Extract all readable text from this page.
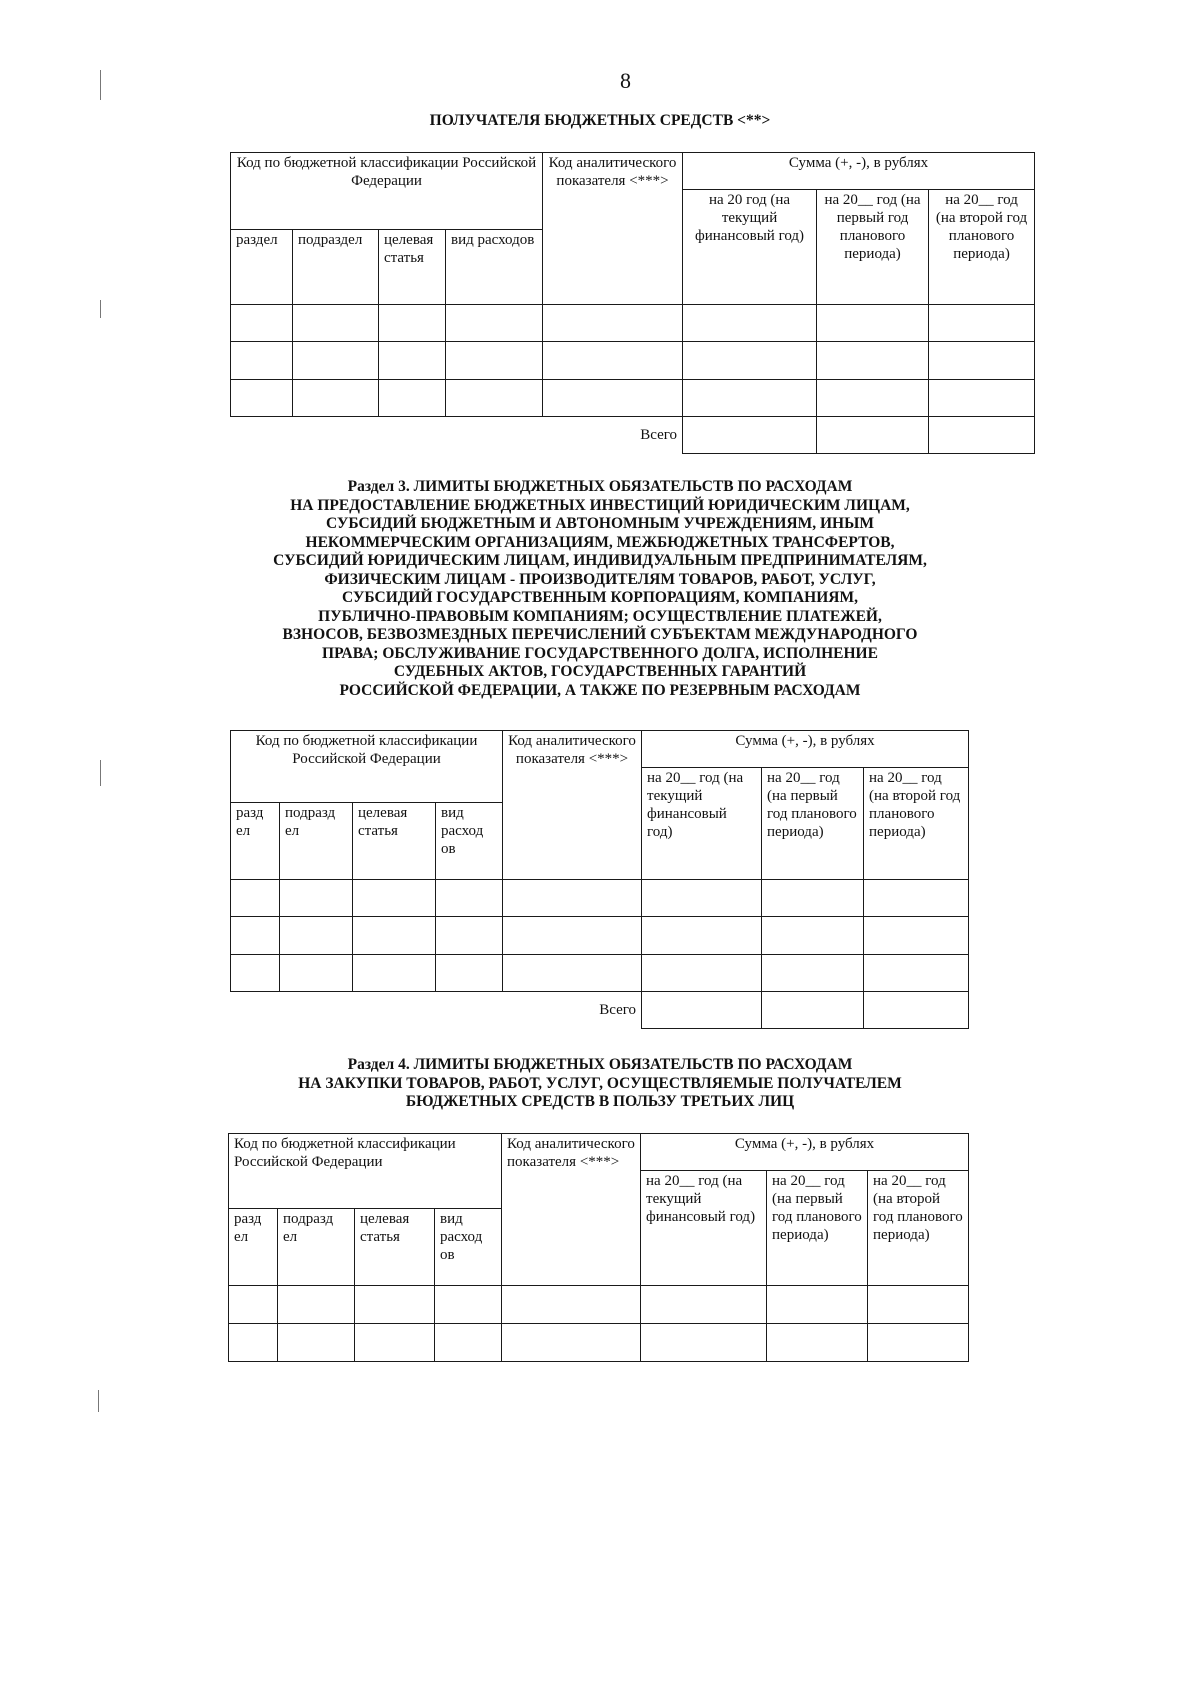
8
ПОЛУЧАТЕЛЯ БЮДЖЕТНЫХ СРЕДСТВ <**>
Код по бюджетной классификации Российской Федерации				Код аналитического показателя <***>	Сумма (+, -), в рублях		
					на 20 год (на текущий финансовый год)	на 20__ год (на первый год планового периода)	на 20__ год (на второй год планового периода)
раздел	подраздел	целевая статья	вид расходов				

Всего							
Раздел 3. ЛИМИТЫ БЮДЖЕТНЫХ ОБЯЗАТЕЛЬСТВ ПО РАСХОДАМ
НА ПРЕДОСТАВЛЕНИЕ БЮДЖЕТНЫХ ИНВЕСТИЦИЙ ЮРИДИЧЕСКИМ ЛИЦАМ,
СУБСИДИЙ БЮДЖЕТНЫМ И АВТОНОМНЫМ УЧРЕЖДЕНИЯМ, ИНЫМ
НЕКОММЕРЧЕСКИМ ОРГАНИЗАЦИЯМ, МЕЖБЮДЖЕТНЫХ ТРАНСФЕРТОВ,
СУБСИДИЙ ЮРИДИЧЕСКИМ ЛИЦАМ, ИНДИВИДУАЛЬНЫМ ПРЕДПРИНИМАТЕЛЯМ,
ФИЗИЧЕСКИМ ЛИЦАМ - ПРОИЗВОДИТЕЛЯМ ТОВАРОВ, РАБОТ, УСЛУГ,
СУБСИДИЙ ГОСУДАРСТВЕННЫМ КОРПОРАЦИЯМ, КОМПАНИЯМ,
ПУБЛИЧНО-ПРАВОВЫМ КОМПАНИЯМ; ОСУЩЕСТВЛЕНИЕ ПЛАТЕЖЕЙ,
ВЗНОСОВ, БЕЗВОЗМЕЗДНЫХ ПЕРЕЧИСЛЕНИЙ СУБЪЕКТАМ МЕЖДУНАРОДНОГО
ПРАВА; ОБСЛУЖИВАНИЕ ГОСУДАРСТВЕННОГО ДОЛГА, ИСПОЛНЕНИЕ
СУДЕБНЫХ АКТОВ, ГОСУДАРСТВЕННЫХ ГАРАНТИЙ
РОССИЙСКОЙ ФЕДЕРАЦИИ, А ТАКЖЕ ПО РЕЗЕРВНЫМ РАСХОДАМ
Код по бюджетной классификации Российской Федерации				Код аналитического показателя <***>	Сумма (+, -), в рублях		
					на 20__ год (на текущий финансовый год)	на 20__ год (на первый год планового периода)	на 20__ год (на второй год планового периода)
разд ел	подразд ел	целевая статья	вид расход ов				

Всего							
Раздел 4. ЛИМИТЫ БЮДЖЕТНЫХ ОБЯЗАТЕЛЬСТВ ПО РАСХОДАМ
НА ЗАКУПКИ ТОВАРОВ, РАБОТ, УСЛУГ, ОСУЩЕСТВЛЯЕМЫЕ ПОЛУЧАТЕЛЕМ
БЮДЖЕТНЫХ СРЕДСТВ В ПОЛЬЗУ ТРЕТЬИХ ЛИЦ
Код по бюджетной классификации Российской Федерации				Код аналитического показателя <***>	Сумма (+, -), в рублях		
					на 20__ год (на текущий финансовый год)	на 20__ год (на первый год планового периода)	на 20__ год (на второй год планового периода)
разд ел	подразд ел	целевая статья	вид расход ов				
